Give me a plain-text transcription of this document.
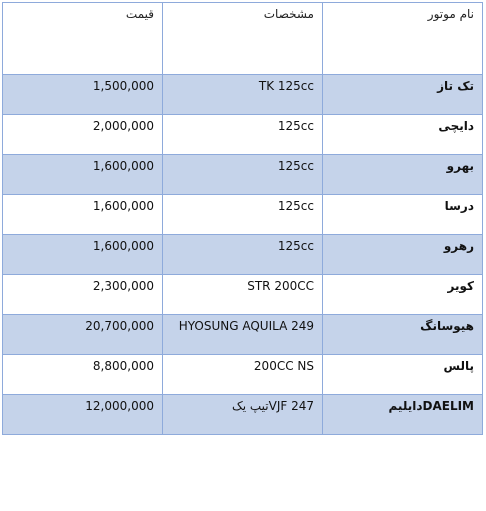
نام موتور	مشخصات	قیمت
تک تاز	TK 125cc	1,500,000
دایچی	125cc	2,000,000
بهرو	125cc	1,600,000
درسا	125cc	1,600,000
رهرو	125cc	1,600,000
کویر	STR 200CC	2,300,000
هیوسانگ	HYOSUNG AQUILA 249	20,700,000
پالس	200CC NS	8,800,000
DAELIMدایلیم	VJF 247تیپ یک	12,000,000
